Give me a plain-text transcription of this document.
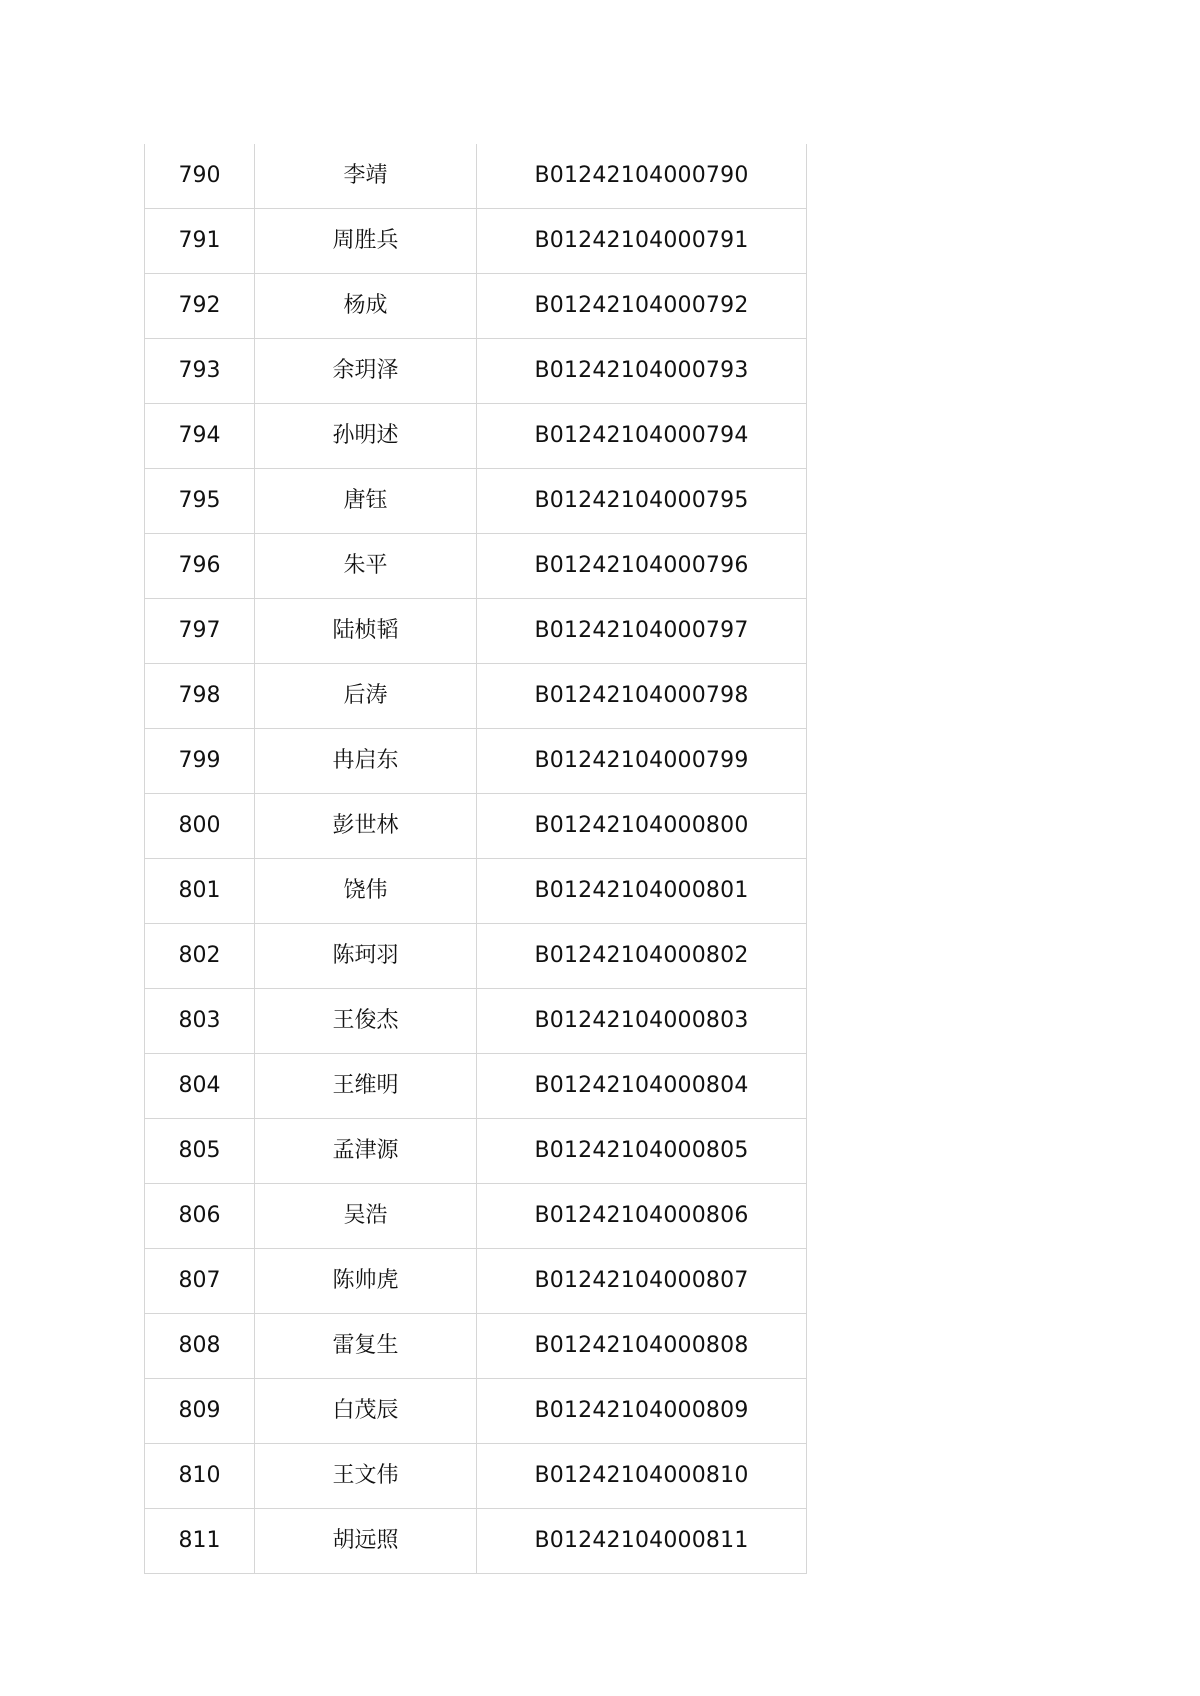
790	李靖	B01242104000790
791	周胜兵	B01242104000791
792	杨成	B01242104000792
793	余玥泽	B01242104000793
794	孙明述	B01242104000794
795	唐钰	B01242104000795
796	朱平	B01242104000796
797	陆桢韬	B01242104000797
798	后涛	B01242104000798
799	冉启东	B01242104000799
800	彭世林	B01242104000800
801	饶伟	B01242104000801
802	陈珂羽	B01242104000802
803	王俊杰	B01242104000803
804	王维明	B01242104000804
805	孟津源	B01242104000805
806	吴浩	B01242104000806
807	陈帅虎	B01242104000807
808	雷复生	B01242104000808
809	白茂辰	B01242104000809
810	王文伟	B01242104000810
811	胡远照	B01242104000811
